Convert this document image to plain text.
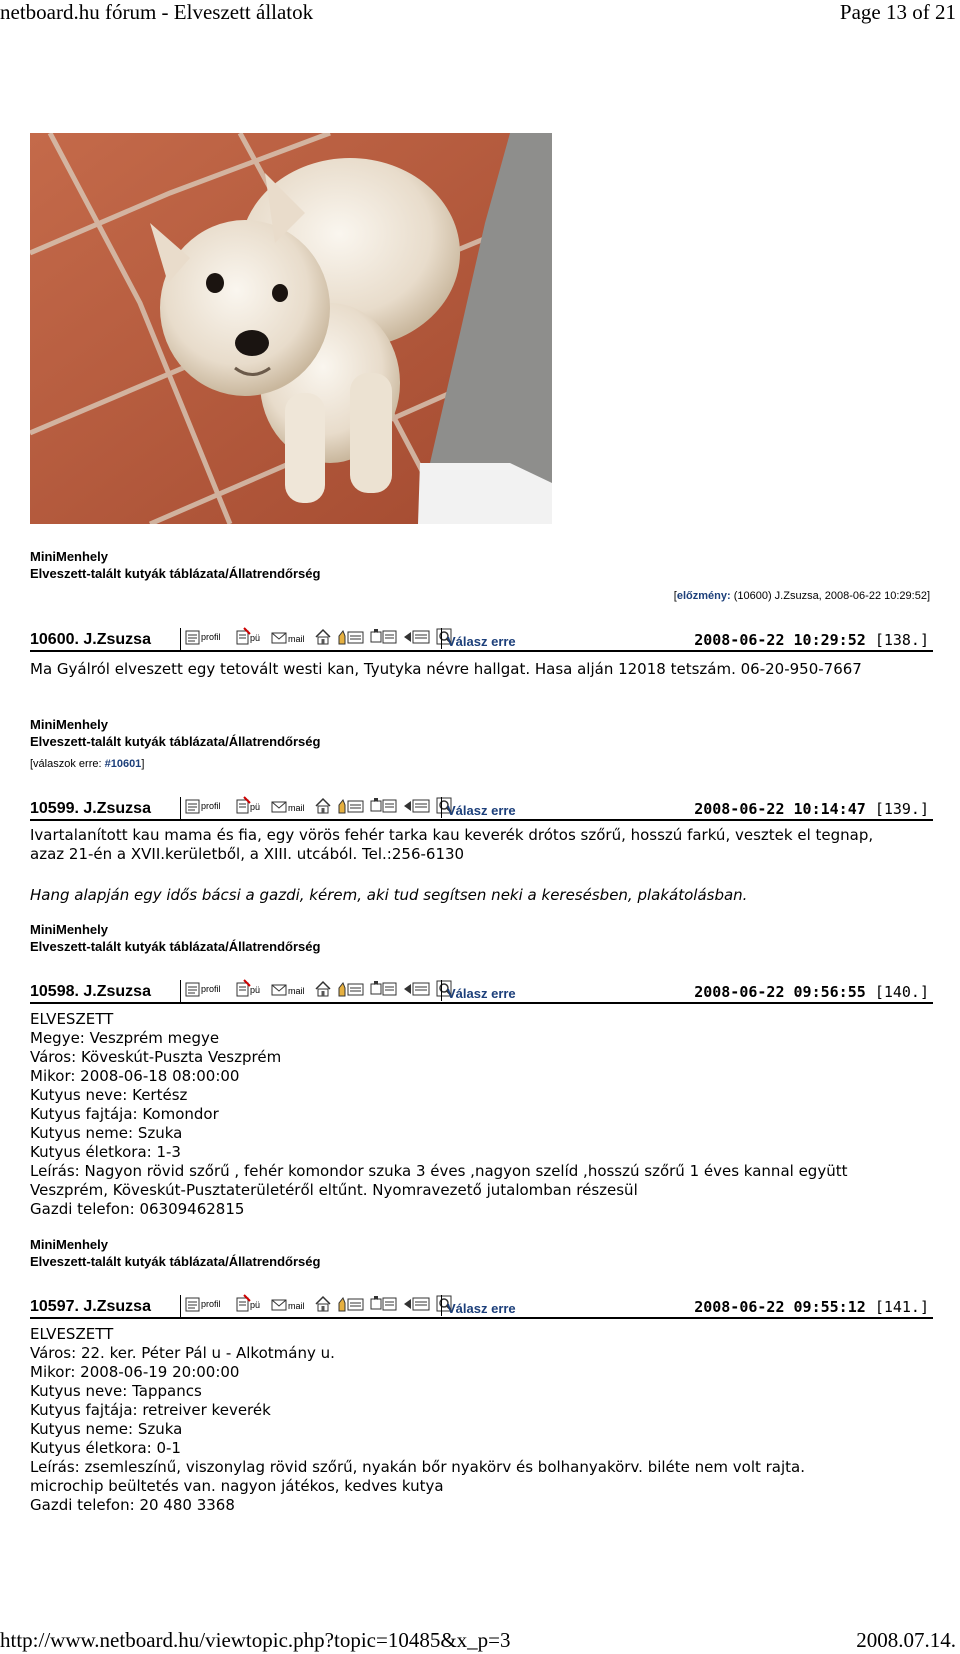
netboard.hu fórum - Elveszett állatok	Page 13 of 21
http://www.netboard.hu/viewtopic.php?topic=10485&x_p=3	2008.07.14.
MiniMenhely
Elveszett-talált kutyák táblázata/Állatrendőrség
[előzmény: (10600) J.Zsuzsa, 2008-06-22 10:29:52]
10600. J.Zsuzsa	profil	pü	mail	Válasz erre	2008-06-22 10:29:52 [138.]

Ma Gyálról elveszett egy tetovált westi kan, Tyutyka névre hallgat. Hasa alján 12018 tetszám. 06-20-950-7667

MiniMenhely
Elveszett-talált kutyák táblázata/Állatrendőrség
[válaszok erre: #10601]
10599. J.Zsuzsa	profil	pü	mail	Válasz erre	2008-06-22 10:14:47 [139.]

Ivartalanított kau mama és fia, egy vörös fehér tarka kau keverék drótos szőrű, hosszú farkú, vesztek el tegnap,

azaz 21-én a XVII.kerületből, a XIII. utcából. Tel.:256-6130

Hang alapján egy idős bácsi a gazdi, kérem, aki tud segítsen neki a keresésben, plakátolásban.

MiniMenhely
Elveszett-talált kutyák táblázata/Állatrendőrség
10598. J.Zsuzsa	profil	pü	mail	Válasz erre	2008-06-22 09:56:55 [140.]

ELVESZETT

Megye: Veszprém megye

Város: Köveskút-Puszta Veszprém

Mikor: 2008-06-18 08:00:00

Kutyus neve: Kertész

Kutyus fajtája: Komondor

Kutyus neme: Szuka

Kutyus életkora: 1-3

Leírás: Nagyon rövid szőrű , fehér komondor szuka 3 éves ,nagyon szelíd ,hosszú szőrű 1 éves kannal együtt

Veszprém, Köveskút-Pusztaterületéről eltűnt. Nyomravezető jutalomban részesül

Gazdi telefon: 06309462815

MiniMenhely
Elveszett-talált kutyák táblázata/Állatrendőrség
10597. J.Zsuzsa	profil	pü	mail	Válasz erre	2008-06-22 09:55:12 [141.]

ELVESZETT

Város: 22. ker. Péter Pál u - Alkotmány u.

Mikor: 2008-06-19 20:00:00

Kutyus neve: Tappancs

Kutyus fajtája: retreiver keverék

Kutyus neme: Szuka

Kutyus életkora: 0-1

Leírás: zsemleszínű, viszonylag rövid szőrű, nyakán bőr nyakörv és bolhanyakörv. biléte nem volt rajta.

microchip beültetés van. nagyon játékos, kedves kutya

Gazdi telefon: 20 480 3368
